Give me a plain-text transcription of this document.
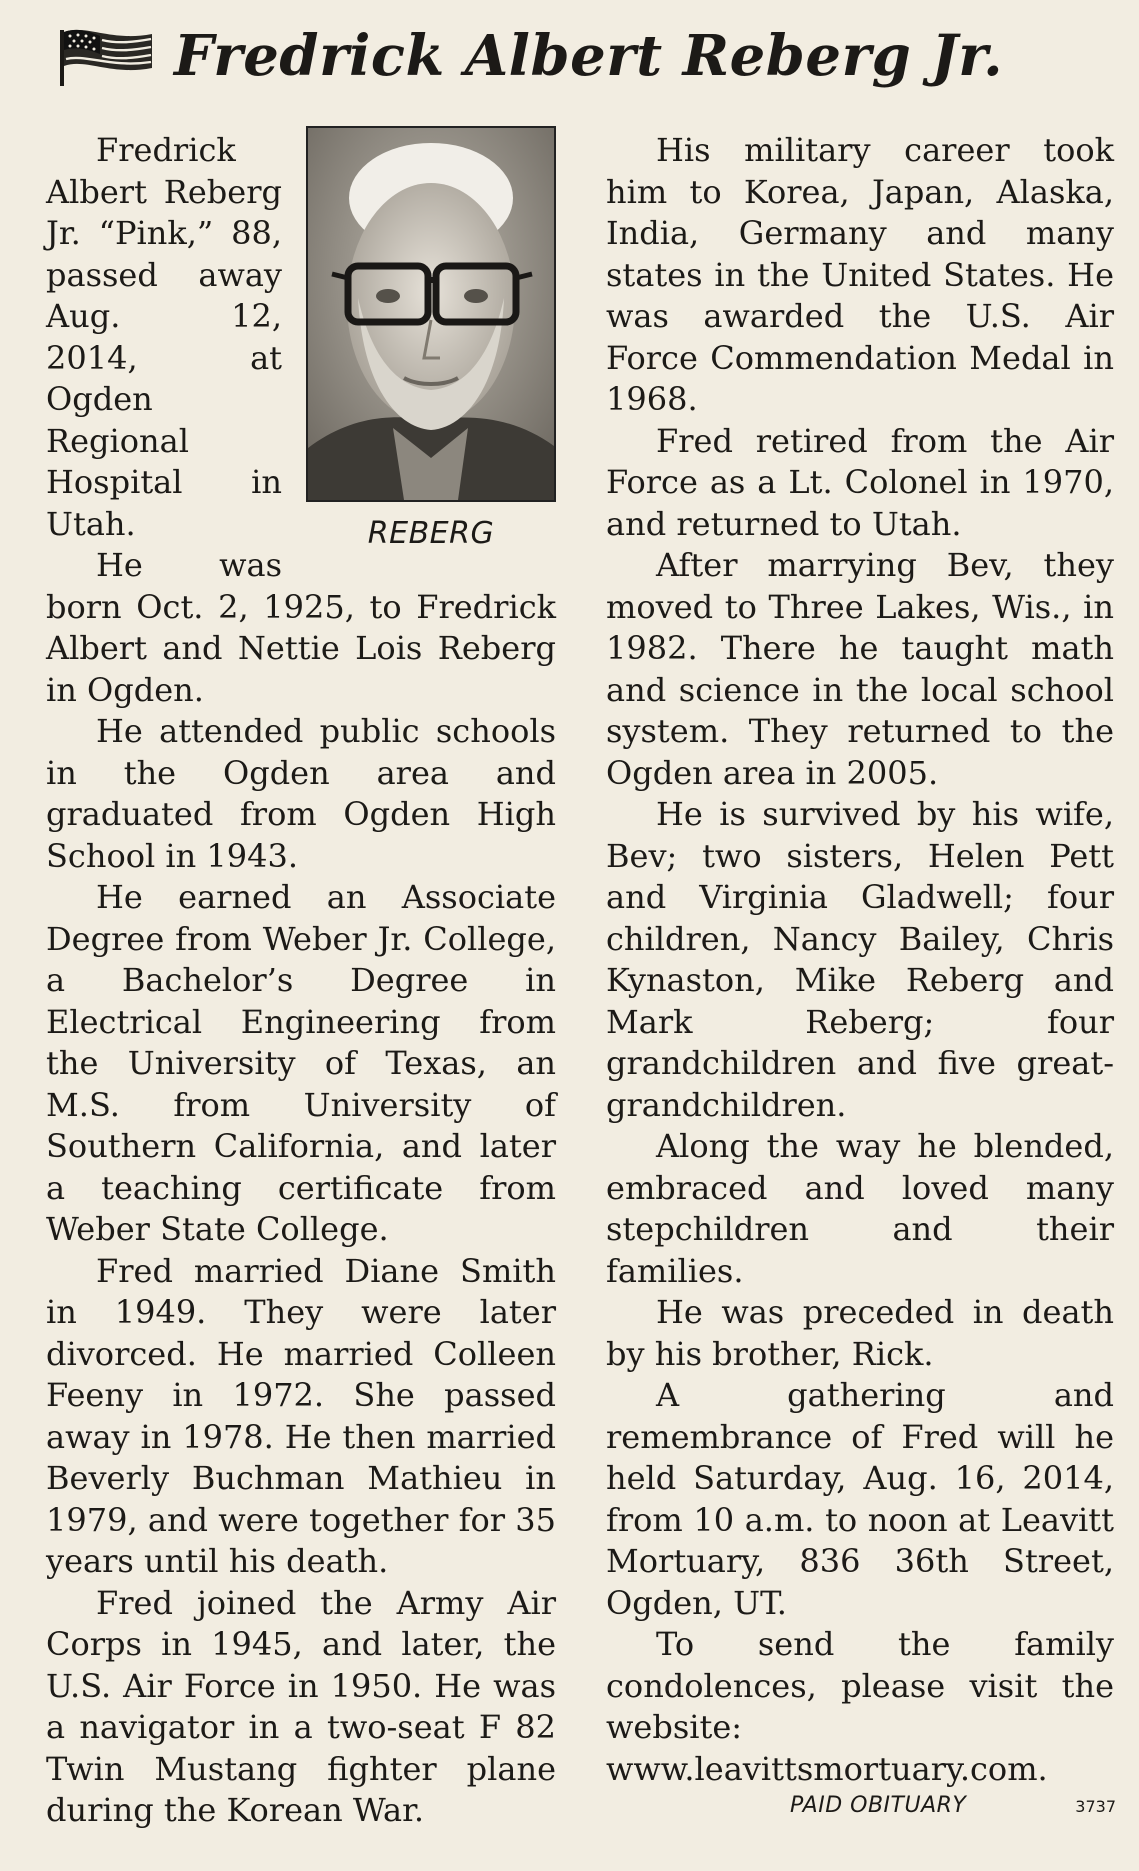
Fredrick Albert Reberg Jr.
REBERG

Fredrick Albert Reberg Jr. “Pink,” 88, passed away Aug. 12, 2014, at Ogden Regional Hospital in Utah.

He was born Oct. 2, 1925, to Fredrick Albert and Nettie Lois Reberg in Ogden.

He attended public schools in the Ogden area and graduated from Ogden High School in 1943.

He earned an Associate Degree from Weber Jr. College, a Bachelor’s Degree in Electrical Engineering from the University of Texas, an M.S. from University of Southern California, and later a teaching certificate from Weber State College.

Fred married Diane Smith in 1949. They were later divorced. He married Colleen Feeny in 1972. She passed away in 1978. He then married Beverly Buchman Mathieu in 1979, and were together for 35 years until his death.

Fred joined the Army Air Corps in 1945, and later, the U.S. Air Force in 1950. He was a navigator in a two-seat F 82 Twin Mustang fighter plane during the Korean War.

His military career took him to Korea, Japan, Alaska, India, Germany and many states in the United States. He was awarded the U.S. Air Force Commendation Medal in 1968.

Fred retired from the Air Force as a Lt. Colonel in 1970, and returned to Utah.

After marrying Bev, they moved to Three Lakes, Wis., in 1982. There he taught math and science in the local school system. They returned to the Ogden area in 2005.

He is survived by his wife, Bev; two sisters, Helen Pett and Virginia Gladwell; four children, Nancy Bailey, Chris Kynaston, Mike Reberg and Mark Reberg; four grandchildren and five great-grandchildren.

Along the way he blended, embraced and loved many stepchildren and their families.

He was preceded in death by his brother, Rick.

A gathering and remembrance of Fred will he held Saturday, Aug. 16, 2014, from 10 a.m. to noon at Leavitt Mortuary, 836 36th Street, Ogden, UT.

To send the family condolences, please visit the website: www.leavittsmortuary.com.

PAID OBITUARY	3737
